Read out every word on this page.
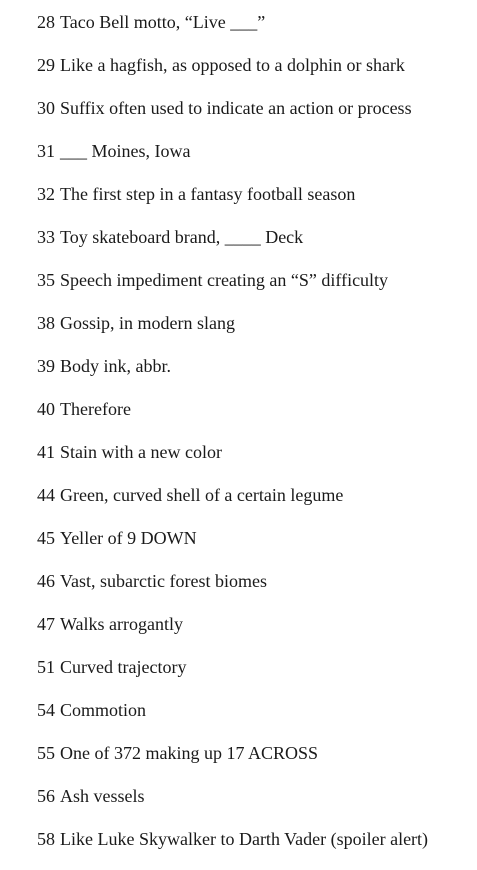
28 Taco Bell motto, “Live ___”
29 Like a hagfish, as opposed to a dolphin or shark
30 Suffix often used to indicate an action or process
31 ___ Moines, Iowa
32 The first step in a fantasy football season
33 Toy skateboard brand, ____ Deck
35 Speech impediment creating an “S” difficulty
38 Gossip, in modern slang
39 Body ink, abbr.
40 Therefore
41 Stain with a new color
44 Green, curved shell of a certain legume
45 Yeller of 9 DOWN
46 Vast, subarctic forest biomes
47 Walks arrogantly
51 Curved trajectory
54 Commotion
55 One of 372 making up 17 ACROSS
56 Ash vessels
58 Like Luke Skywalker to Darth Vader (spoiler alert)
